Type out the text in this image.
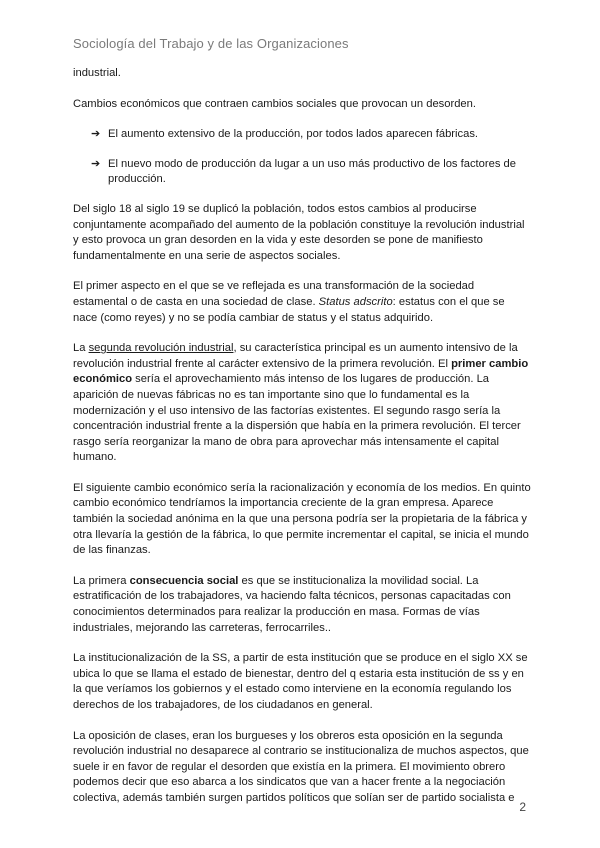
Sociología del Trabajo y de las Organizaciones

industrial.

Cambios económicos que contraen cambios sociales que provocan un desorden.

➔ El aumento extensivo de la producción, por todos lados aparecen fábricas.
➔ El nuevo modo de producción da lugar a un uso más productivo de los factores de producción.

Del siglo 18 al siglo 19 se duplicó la población, todos estos cambios al producirse conjuntamente acompañado del aumento de la población constituye la revolución industrial y esto provoca un gran desorden en la vida y este desorden se pone de manifiesto fundamentalmente en una serie de aspectos sociales.

El primer aspecto en el que se ve reflejada es una transformación de la sociedad estamental o de casta en una sociedad de clase. Status adscrito: estatus con el que se nace (como reyes) y no se podía cambiar de status y el status adquirido.

La segunda revolución industrial, su característica principal es un aumento intensivo de la revolución industrial frente al carácter extensivo de la primera revolución. El primer cambio económico sería el aprovechamiento más intenso de los lugares de producción. La aparición de nuevas fábricas no es tan importante sino que lo fundamental es la modernización y el uso intensivo de las factorías existentes. El segundo rasgo sería la concentración industrial frente a la dispersión que había en la primera revolución. El tercer rasgo sería reorganizar la mano de obra para aprovechar más intensamente el capital humano.

El siguiente cambio económico sería la racionalización y economía de los medios. En quinto cambio económico tendríamos la importancia creciente de la gran empresa. Aparece también la sociedad anónima en la que una persona podría ser la propietaria de la fábrica y otra llevaría la gestión de la fábrica, lo que permite incrementar el capital, se inicia el mundo de las finanzas.

La primera consecuencia social es que se institucionaliza la movilidad social. La estratificación de los trabajadores, va haciendo falta técnicos, personas capacitadas con conocimientos determinados para realizar la producción en masa. Formas de vías industriales, mejorando las carreteras, ferrocarriles..

La institucionalización de la SS, a partir de esta institución que se produce en el siglo XX se ubica lo que se llama el estado de bienestar, dentro del q estaria esta institución de ss y en la que veríamos los gobiernos y el estado como interviene en la economía regulando los derechos de los trabajadores, de los ciudadanos en general.

La oposición de clases, eran los burgueses y los obreros esta oposición en la segunda revolución industrial no desaparece al contrario se institucionaliza de muchos aspectos, que suele ir en favor de regular el desorden que existía en la primera. El movimiento obrero podemos decir que eso abarca a los sindicatos que van a hacer frente a la negociación colectiva, además también surgen partidos políticos que solían ser de partido socialista e

2
